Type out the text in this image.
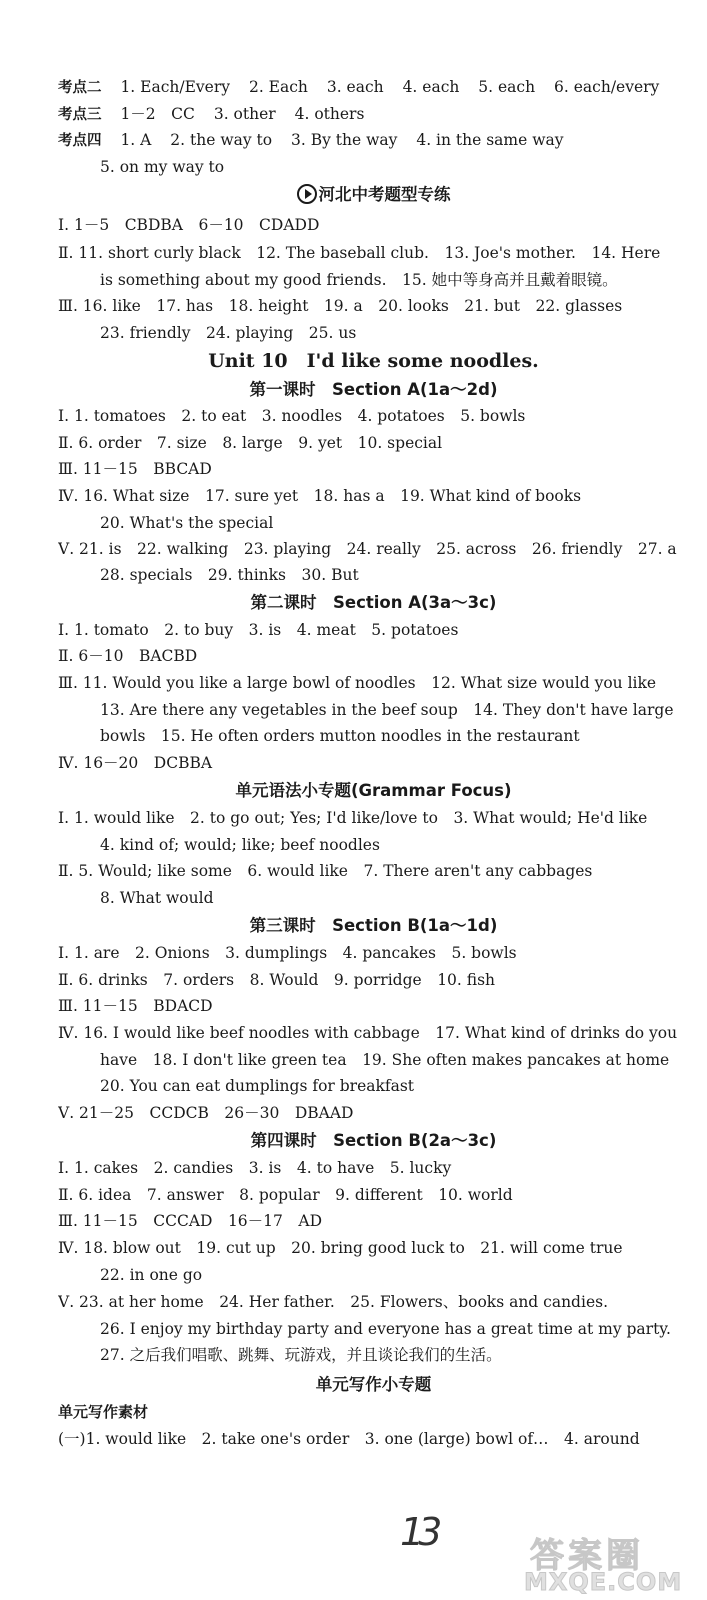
考点二 1. Each/Every 2. Each 3. each 4. each 5. each 6. each/every
考点三 1－2　CC 3. other 4. others
考点四 1. A 2. the way to 3. By the way 4. in the same way
5. on my way to
河北中考题型专练
Ⅰ. 1－5　CBDBA　6－10　CDADD
Ⅱ. 11. short curly black　12. The baseball club.　13. Joe's mother.　14. Here
is something about my good friends.　15. 她中等身高并且戴着眼镜。
Ⅲ. 16. like　17. has　18. height　19. a　20. looks　21. but　22. glasses
23. friendly　24. playing　25. us
Unit 10　I'd like some noodles.
第一课时　Section A(1a～2d)
Ⅰ. 1. tomatoes　2. to eat　3. noodles　4. potatoes　5. bowls
Ⅱ. 6. order　7. size　8. large　9. yet　10. special
Ⅲ. 11－15　BBCAD
Ⅳ. 16. What size　17. sure yet　18. has a　19. What kind of books
20. What's the special
Ⅴ. 21. is　22. walking　23. playing　24. really　25. across　26. friendly　27. a
28. specials　29. thinks　30. But
第二课时　Section A(3a～3c)
Ⅰ. 1. tomato　2. to buy　3. is　4. meat　5. potatoes
Ⅱ. 6－10　BACBD
Ⅲ. 11. Would you like a large bowl of noodles　12. What size would you like
13. Are there any vegetables in the beef soup　14. They don't have large
bowls　15. He often orders mutton noodles in the restaurant
Ⅳ. 16－20　DCBBA
单元语法小专题(Grammar Focus)
Ⅰ. 1. would like　2. to go out; Yes; I'd like/love to　3. What would; He'd like
4. kind of; would; like; beef noodles
Ⅱ. 5. Would; like some　6. would like　7. There aren't any cabbages
8. What would
第三课时　Section B(1a～1d)
Ⅰ. 1. are　2. Onions　3. dumplings　4. pancakes　5. bowls
Ⅱ. 6. drinks　7. orders　8. Would　9. porridge　10. fish
Ⅲ. 11－15　BDACD
Ⅳ. 16. I would like beef noodles with cabbage　17. What kind of drinks do you
have　18. I don't like green tea　19. She often makes pancakes at home
20. You can eat dumplings for breakfast
Ⅴ. 21－25　CCDCB　26－30　DBAAD
第四课时　Section B(2a～3c)
Ⅰ. 1. cakes　2. candies　3. is　4. to have　5. lucky
Ⅱ. 6. idea　7. answer　8. popular　9. different　10. world
Ⅲ. 11－15　CCCAD　16－17　AD
Ⅳ. 18. blow out　19. cut up　20. bring good luck to　21. will come true
22. in one go
Ⅴ. 23. at her home　24. Her father.　25. Flowers、books and candies.
26. I enjoy my birthday party and everyone has a great time at my party.
27. 之后我们唱歌、跳舞、玩游戏，并且谈论我们的生活。
单元写作小专题
单元写作素材
(一)1. would like　2. take one's order　3. one (large) bowl of…　4. around
13
答案圈
MXQE.COM
